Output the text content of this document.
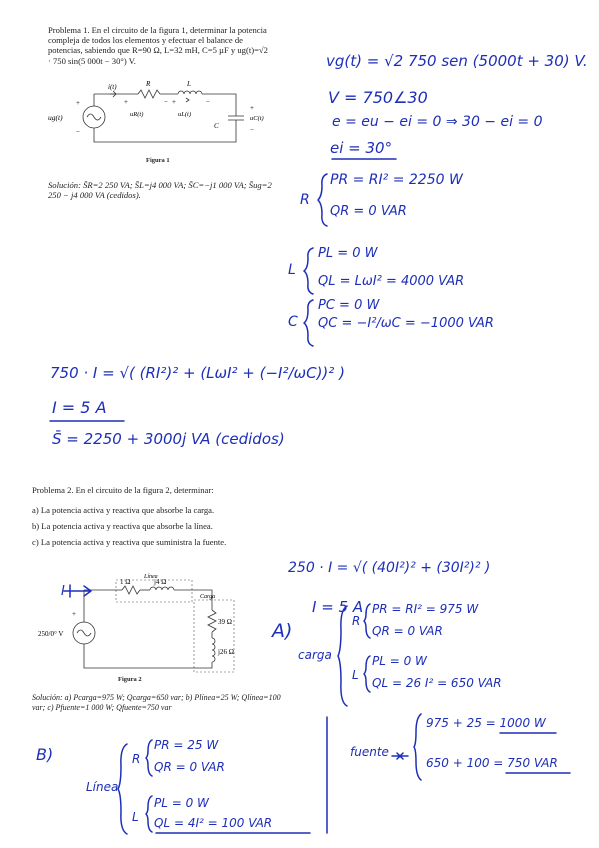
Problema 1. En el circuito de la figura 1, determinar la potencia compleja de todos los elementos y efectuar el balance de potencias, sabiendo que R=90 Ω, L=32 mH, C=5 µF y ug(t)=√2 · 750 sin(5 000t − 30°) V.
ug(t)
i(t)	R	L
uR(t)	uL(t)
C
uC(t)
+
−
+	− +	−
+
−
Figura 1
Solución: S̄R=2 250 VA; S̄L=j4 000 VA; S̄C=−j1 000 VA; S̄ug=2 250 − j4 000 VA (cedidos).
vg(t) = √2 750 sen (5000t + 30) V.
V = 750∠30
e = eu − ei = 0 ⇒ 30 − ei = 0
ei = 30°
R
PR = RI² = 2250 W
QR = 0 VAR
L
PL = 0 W
QL = LωI² = 4000 VAR
C
PC = 0 W
QC = −I²/ωC = −1000 VAR
750 · I = √( (RI²)² + (LωI² + (−I²/ωC))² )
I = 5 A
S̄ = 2250 + 3000j VA (cedidos)
Problema 2. En el circuito de la figura 2, determinar:
a) La potencia activa y reactiva que absorbe la carga.
b) La potencia activa y reactiva que absorbe la línea.
c) La potencia activa y reactiva que suministra la fuente.
Línea
1 Ω	j4 Ω
Carga
39 Ω
j26 Ω
250/0° V
+
I
Figura 2
Solución: a) Pcarga=975 W; Qcarga=650 var; b) Plínea=25 W; Qlínea=100 var; c) Pfuente=1 000 W; Qfuente=750 var
250 · I = √( (40I²)² + (30I²)² )
I = 5 A
A)
carga
R
PR = RI² = 975 W
QR = 0 VAR
L
PL = 0 W
QL = 26 I² = 650 VAR
B)
Línea
R
PR = 25 W
QR = 0 VAR
L
PL = 0 W
QL = 4I² = 100 VAR
fuente
975 + 25 = 1000 W
650 + 100 = 750 VAR
